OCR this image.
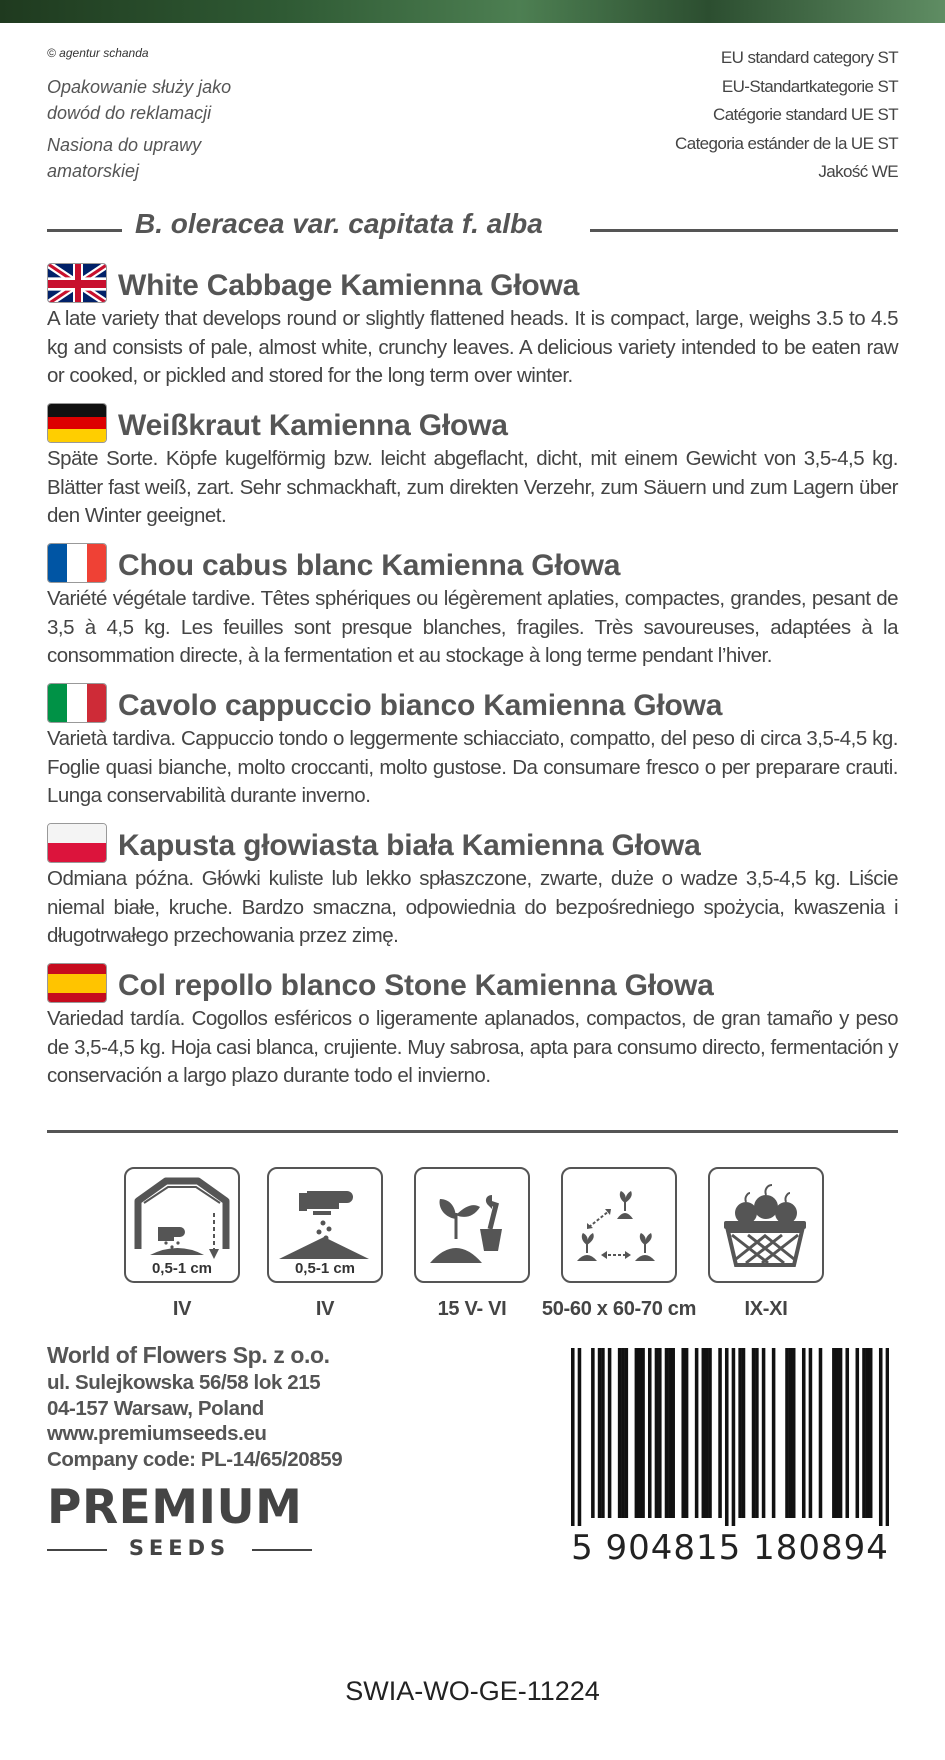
© agentur schanda
Opakowanie służy jako
dowód do reklamacji
Nasiona do uprawy
amatorskiej
EU standard category ST
EU-Standartkategorie ST
Catégorie standard UE ST
Categoria estánder de la UE ST
Jakość WE
B. oleracea var. capitata f. alba
White Cabbage Kamienna Głowa
A late variety that develops round or slightly flattened heads. It is compact, large, weighs 3.5 to 4.5 kg and consists of pale, almost white, crunchy leaves. A delicious variety intended to be eaten raw or cooked, or pickled and stored for the long term over winter.
Weißkraut Kamienna Głowa
Späte Sorte. Köpfe kugelförmig bzw. leicht abgeflacht, dicht, mit einem Gewicht von 3,5-4,5 kg. Blätter fast weiß, zart. Sehr schmackhaft, zum direkten Verzehr, zum Säuern und zum Lagern über den Winter geeignet.
Chou cabus blanc Kamienna Głowa
Variété végétale tardive. Têtes sphériques ou légèrement aplaties, compactes, grandes, pesant de 3,5 à 4,5 kg. Les feuilles sont presque blanches, fragiles. Très savoureuses, adaptées à la consommation directe, à la fermentation et au stockage à long terme pendant l’hiver.
Cavolo cappuccio bianco Kamienna Głowa
Varietà tardiva. Cappuccio tondo o leggermente schiacciato, compatto, del peso di circa 3,5-4,5 kg. Foglie quasi bianche, molto croccanti, molto gustose. Da consumare fresco o per preparare crauti. Lunga conservabilità durante inverno.
Kapusta głowiasta biała Kamienna Głowa
Odmiana późna. Główki kuliste lub lekko spłaszczone, zwarte, duże o wadze 3,5-4,5 kg. Liście niemal białe, kruche. Bardzo smaczna, odpowiednia do bezpośredniego spożycia, kwaszenia i długotrwałego przechowania przez zimę.
Col repollo blanco Stone Kamienna Głowa
Variedad tardía. Cogollos esféricos o ligeramente aplanados, compactos, de gran tamaño y peso de 3,5-4,5 kg. Hoja casi blanca, crujiente. Muy sabrosa, apta para consumo directo, fermentación y conservación a largo plazo durante todo el invierno.
0,5-1 cm
IV
0,5-1 cm
IV	15 V- VI	50-60 x 60-70 cm	IX-XI
World of Flowers Sp. z o.o.
ul. Sulejkowska 56/58 lok 215
04-157 Warsaw, Poland
www.premiumseeds.eu
Company code: PL-14/65/20859
PREMIUM
SEEDS	5 904815 180894
SWIA-WO-GE-11224
